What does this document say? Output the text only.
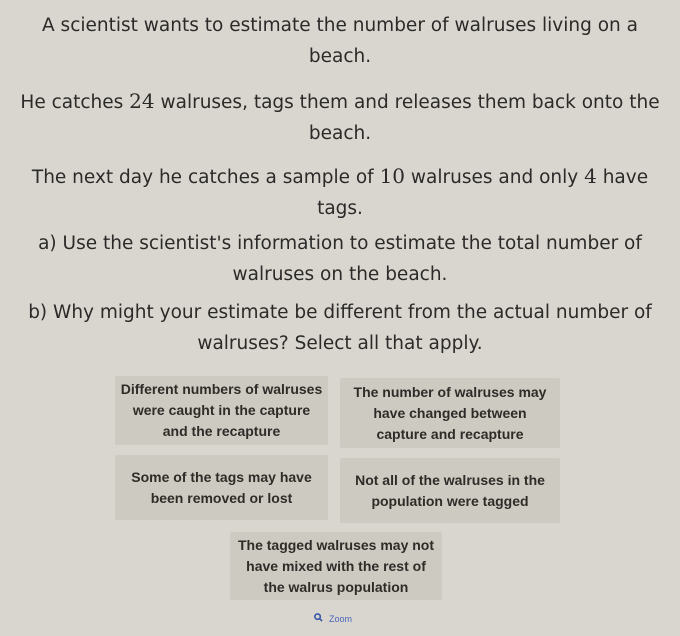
A scientist wants to estimate the number of walruses living on a
beach.
He catches 24 walruses, tags them and releases them back onto the
beach.
The next day he catches a sample of 10 walruses and only 4 have
tags.
a) Use the scientist's information to estimate the total number of
walruses on the beach.
b) Why might your estimate be different from the actual number of
walruses? Select all that apply.
Different numbers of walruses
were caught in the capture
and the recapture
The number of walruses may
have changed between
capture and recapture
Some of the tags may have
been removed or lost
Not all of the walruses in the
population were tagged
The tagged walruses may not
have mixed with the rest of
the walrus population
Zoom
